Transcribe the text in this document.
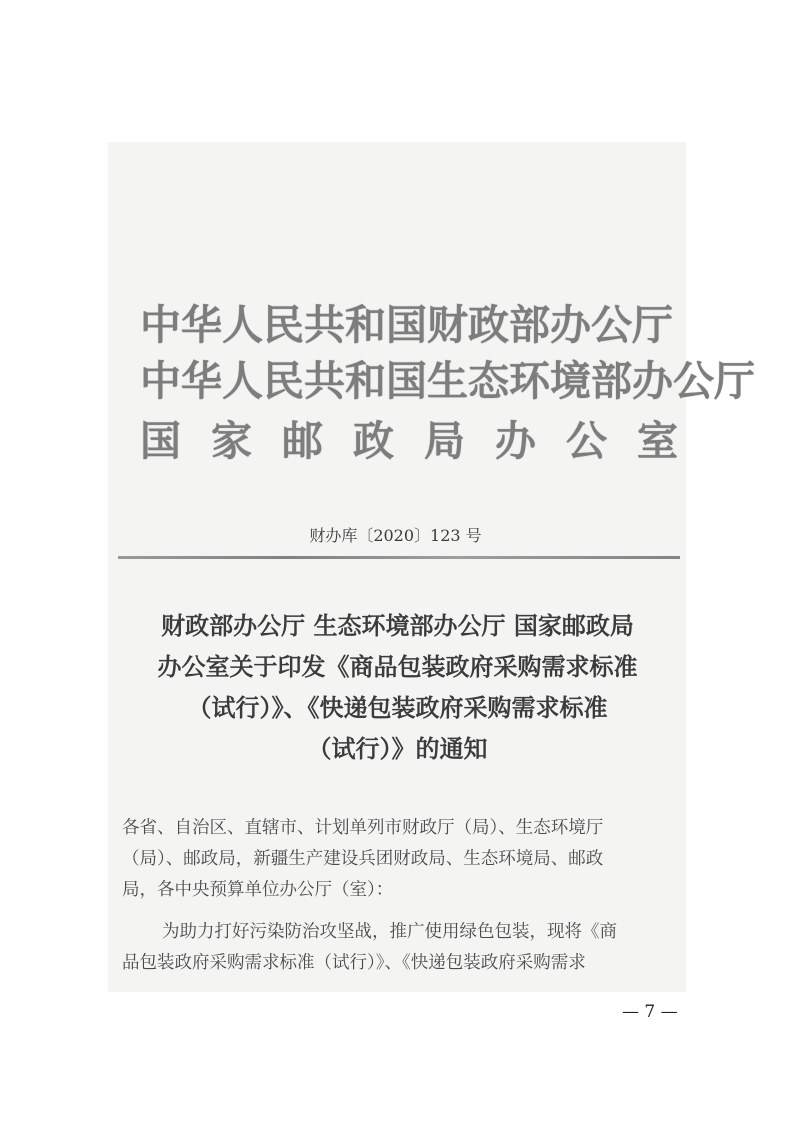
中华人民共和国财政部办公厅
中华人民共和国生态环境部办公厅
国家邮政局办公室
财办库〔2020〕123 号
财政部办公厅 生态环境部办公厅 国家邮政局
办公室关于印发《商品包装政府采购需求标准
（试行）》、《快递包装政府采购需求标准
（试行）》的通知
各省、自治区、直辖市、计划单列市财政厅（局）、生态环境厅
（局）、邮政局，新疆生产建设兵团财政局、生态环境局、邮政
局，各中央预算单位办公厅（室）：
为助力打好污染防治攻坚战，推广使用绿色包装，现将《商
品包装政府采购需求标准（试行）》、《快递包装政府采购需求
— 7 —
